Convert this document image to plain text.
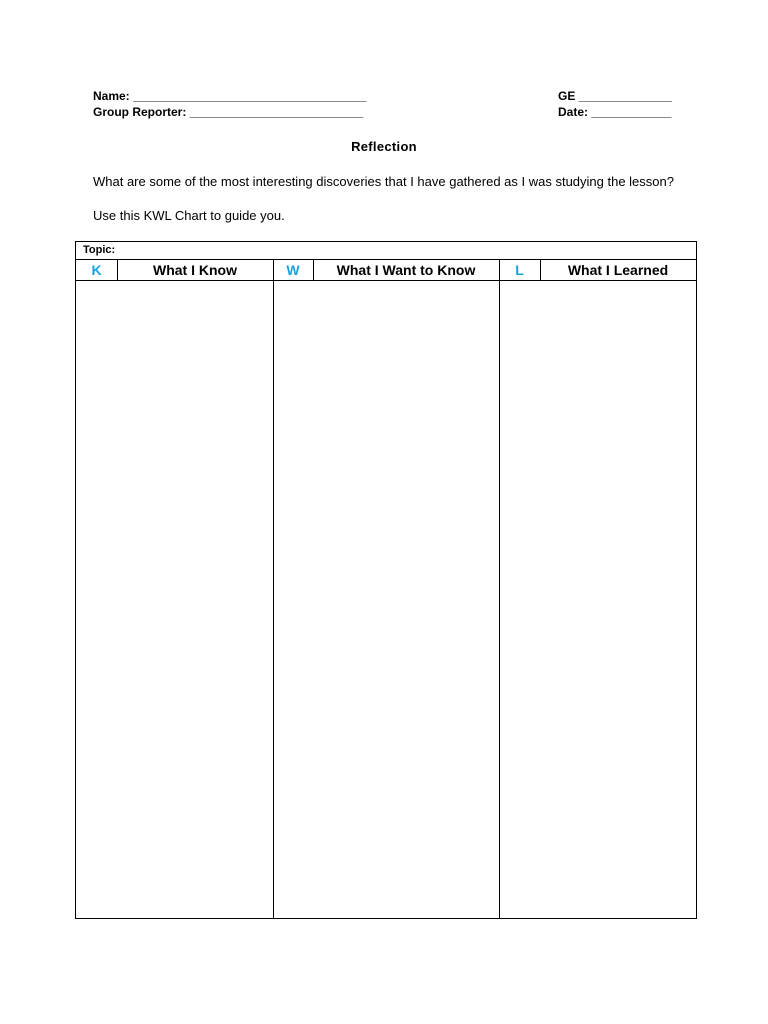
Name: ___________________________________
Group Reporter: __________________________
GE ______________
Date: ____________
Reflection
What are some of the most interesting discoveries that I have gathered as I was studying the lesson?
Use this KWL Chart to guide you.
Topic:
K	What I Know	W	What I Want to Know	L	What I Learned
